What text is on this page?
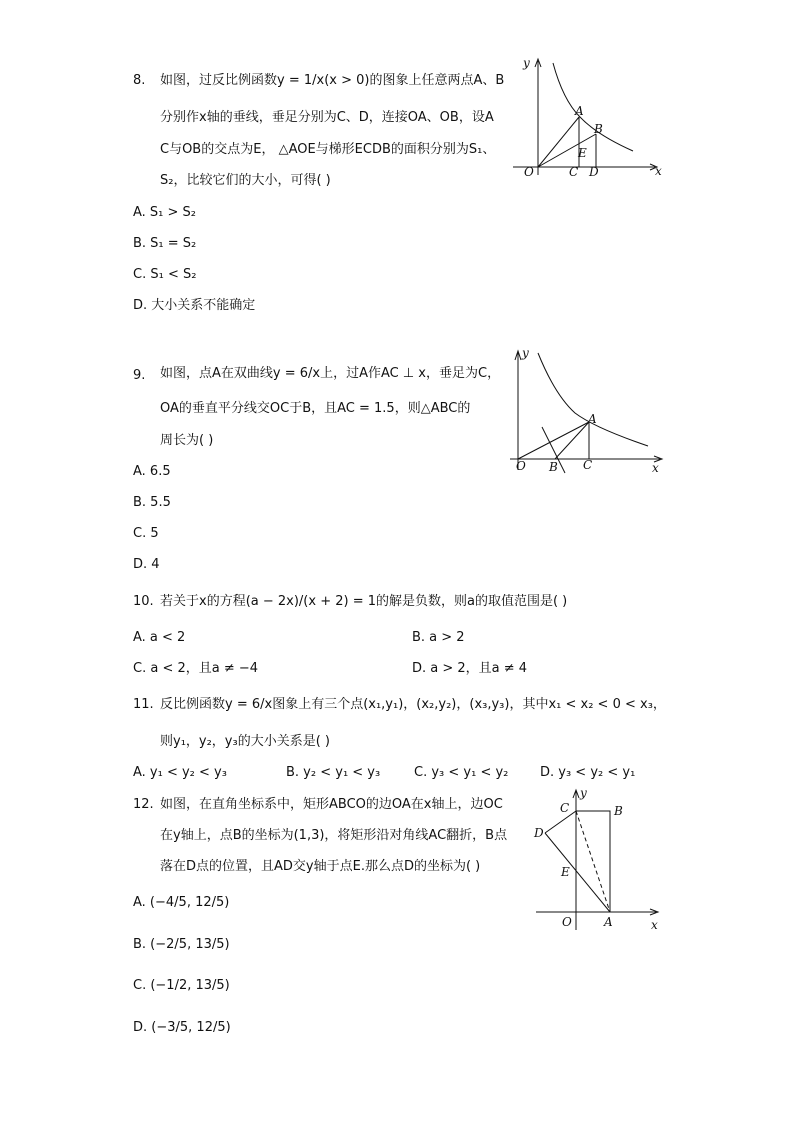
8. 如图，过反比例函数y = 1/x(x > 0)的图象上任意两点A、B
分别作x轴的垂线，垂足分别为C、D，连接OA、OB，设A
C与OB的交点为E， △AOE与梯形ECDB的面积分别为S₁、
S₂，比较它们的大小，可得( )
A. S₁ > S₂
B. S₁ = S₂
C. S₁ < S₂
D. 大小关系不能确定
y
x
O
A
B
C D
E
9. 如图，点A在双曲线y = 6/x上，过A作AC ⊥ x，垂足为C，
OA的垂直平分线交OC于B，且AC = 1.5，则△ABC的
周长为( )
A. 6.5
B. 5.5
C. 5
D. 4
y
x
O
A
B C
10. 若关于x的方程(a − 2x)/(x + 2) = 1的解是负数，则a的取值范围是( )
A. a < 2	B. a > 2
C. a < 2，且a ≠ −4	D. a > 2，且a ≠ 4
11. 反比例函数y = 6/x图象上有三个点(x₁,y₁)，(x₂,y₂)，(x₃,y₃)，其中x₁ < x₂ < 0 < x₃，
则y₁，y₂，y₃的大小关系是( )
A. y₁ < y₂ < y₃	B. y₂ < y₁ < y₃	C. y₃ < y₁ < y₂ D. y₃ < y₂ < y₁
12. 如图，在直角坐标系中，矩形ABCO的边OA在x轴上，边OC
在y轴上，点B的坐标为(1,3)，将矩形沿对角线AC翻折，B点
落在D点的位置，且AD交y轴于点E.那么点D的坐标为( )
A. (−4/5, 12/5)
B. (−2/5, 13/5)
C. (−1/2, 13/5)
D. (−3/5, 12/5)
y
x
O	A
B
C
D
E
